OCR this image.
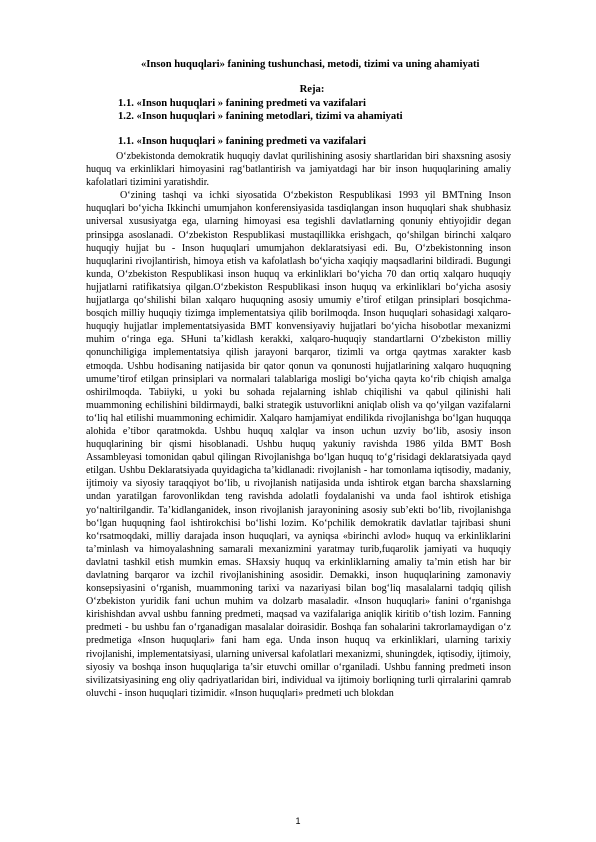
«Inson huquqlari» fanining tushunchasi, metodi, tizimi va uning ahamiyati
Reja:
1.1. «Inson huquqlari » fanining predmeti va vazifalari
1.2. «Inson huquqlari » fanining metodlari, tizimi va ahamiyati
1.1. «Inson huquqlari » fanining predmeti va vazifalari

O‘zbekistonda demokratik huquqiy davlat qurilishining asosiy shartlaridan biri shaxsning asosiy huquq va erkinliklari himoyasini rag‘batlantirish va jamiyatdagi har bir inson huquqlarining amaliy kafolatlari tizimini yaratishdir.

O‘zining tashqi va ichki siyosatida O‘zbekiston Respublikasi 1993 yil BMTning Inson huquqlari bo‘yicha Ikkinchi umumjahon konferensiyasida tasdiqlangan inson huquqlari shak shubhasiz universal xususiyatga ega, ularning himoyasi esa tegishli davlatlarning qonuniy ehtiyojidir degan prinsipga asoslanadi. O‘zbekiston Respublikasi mustaqillikka erishgach, qo‘shilgan birinchi xalqaro huquqiy hujjat bu - Inson huquqlari umumjahon deklaratsiyasi edi. Bu, O‘zbekistonning inson huquqlarini rivojlantirish, himoya etish va kafolatlash bo‘yicha xaqiqiy maqsadlarini bildiradi. Bugungi kunda, O‘zbekiston Respublikasi inson huquq va erkinliklari bo‘yicha 70 dan ortiq xalqaro huquqiy hujjatlarni ratifikatsiya qilgan.O‘zbekiston Respublikasi inson huquq va erkinliklari bo‘yicha asosiy hujjatlarga qo‘shilishi bilan xalqaro huquqning asosiy umumiy e’tirof etilgan prinsiplari bosqichma-bosqich milliy huquqiy tizimga implementatsiya qilib borilmoqda. Inson huquqlari sohasidagi xalqaro-huquqiy hujjatlar implementatsiyasida BMT konvensiyaviy hujjatlari bo‘yicha hisobotlar mexanizmi muhim o‘ringa ega. SHuni ta’kidlash kerakki, xalqaro-huquqiy standartlarni O‘zbekiston milliy qonunchiligiga implementatsiya qilish jarayoni barqaror, tizimli va ortga qaytmas xarakter kasb etmoqda. Ushbu hodisaning natijasida bir qator qonun va qonunosti hujjatlarining xalqaro huquqning umume’tirof etilgan prinsiplari va normalari talablariga mosligi bo‘yicha qayta ko‘rib chiqish amalga oshirilmoqda. Tabiiyki, u yoki bu sohada rejalarning ishlab chiqilishi va qabul qilinishi hali muammoning echilishini bildirmaydi, balki strategik ustuvorlikni aniqlab olish va qo‘yilgan vazifalarni to‘liq hal etilishi muammoning echimidir. Xalqaro hamjamiyat endilikda rivojlanishga bo‘lgan huquqqa alohida e’tibor qaratmokda. Ushbu huquq xalqlar va inson uchun uzviy bo‘lib, asosiy inson huquqlarining bir qismi hisoblanadi. Ushbu huquq yakuniy ravishda 1986 yilda BMT Bosh Assambleyasi tomonidan qabul qilingan Rivojlanishga bo‘lgan huquq to‘g‘risidagi deklaratsiyada qayd etilgan. Ushbu Deklaratsiyada quyidagicha ta’kidlanadi: rivojlanish - har tomonlama iqtisodiy, madaniy, ijtimoiy va siyosiy taraqqiyot bo‘lib, u rivojlanish natijasida unda ishtirok etgan barcha shaxslarning undan yaratilgan farovonlikdan teng ravishda adolatli foydalanishi va unda faol ishtirok etishiga yo‘naltirilgandir. Ta’kidlanganidek, inson rivojlanish jarayonining asosiy sub’ekti bo‘lib, rivojlanishga bo‘lgan huquqning faol ishtirokchisi bo‘lishi lozim. Ko‘pchilik demokratik davlatlar tajribasi shuni ko‘rsatmoqdaki, milliy darajada inson huquqlari, va ayniqsa «birinchi avlod» huquq va erkinliklarini ta’minlash va himoyalashning samarali mexanizmini yaratmay turib,fuqarolik jamiyati va huquqiy davlatni tashkil etish mumkin emas. SHaxsiy huquq va erkinliklarning amaliy ta’min etish har bir davlatning barqaror va izchil rivojlanishining asosidir. Demakki, inson huquqlarining zamonaviy konsepsiyasini o‘rganish, muammoning tarixi va nazariyasi bilan bog‘liq masalalarni tadqiq qilish O‘zbekiston yuridik fani uchun muhim va dolzarb masaladir. «Inson huquqlari» fanini o‘rganishga kirishishdan avval ushbu fanning predmeti, maqsad va vazifalariga aniqlik kiritib o‘tish lozim. Fanning predmeti - bu ushbu fan o‘rganadigan masalalar doirasidir. Boshqa fan sohalarini takrorlamaydigan o‘z predmetiga «Inson huquqlari» fani ham ega. Unda inson huquq va erkinliklari, ularning tarixiy rivojlanishi, implementatsiyasi, ularning universal kafolatlari mexanizmi, shuningdek, iqtisodiy, ijtimoiy, siyosiy va boshqa inson huquqlariga ta’sir etuvchi omillar o‘rganiladi. Ushbu fanning predmeti inson sivilizatsiyasining eng oliy qadriyatlaridan biri, individual va ijtimoiy borliqning turli qirralarini qamrab oluvchi - inson huquqlari tizimidir. «Inson huquqlari» predmeti uch blokdan

1
